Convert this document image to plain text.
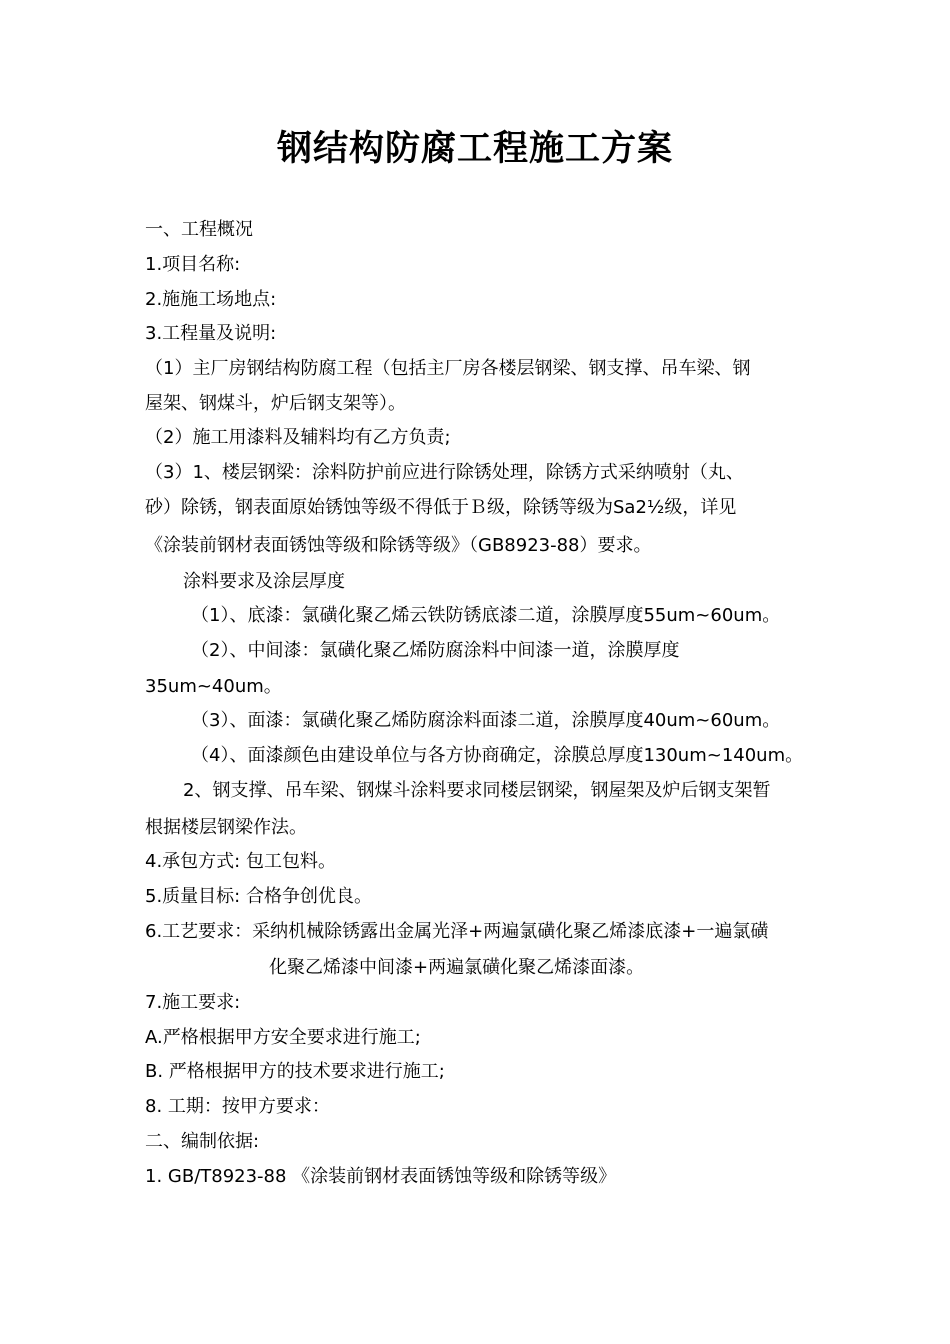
钢结构防腐工程施工方案
一、工程概况
1.项目名称:
2.施施工场地点:
3.工程量及说明:
（1）主厂房钢结构防腐工程（包括主厂房各楼层钢梁、钢支撑、吊车梁、钢
屋架、钢煤斗，炉后钢支架等）。
（2）施工用漆料及辅料均有乙方负责;
（3）1、楼层钢梁：涂料防护前应进行除锈处理，除锈方式采纳喷射（丸、
砂）除锈，钢表面原始锈蚀等级不得低于Ｂ级，除锈等级为Sa2½级，详见
《涂装前钢材表面锈蚀等级和除锈等级》（GB8923-88）要求。
涂料要求及涂层厚度
（1）、底漆：氯磺化聚乙烯云铁防锈底漆二道，涂膜厚度55um~60um。
（2）、中间漆：氯磺化聚乙烯防腐涂料中间漆一道，涂膜厚度
35um~40um。
（3）、面漆：氯磺化聚乙烯防腐涂料面漆二道，涂膜厚度40um~60um。
（4）、面漆颜色由建设单位与各方协商确定，涂膜总厚度130um~140um。
2、钢支撑、吊车梁、钢煤斗涂料要求同楼层钢梁，钢屋架及炉后钢支架暂
根据楼层钢梁作法。
4.承包方式: 包工包料。
5.质量目标: 合格争创优良。
6.工艺要求：采纳机械除锈露出金属光泽+两遍氯磺化聚乙烯漆底漆+一遍氯磺
化聚乙烯漆中间漆+两遍氯磺化聚乙烯漆面漆。
7.施工要求:
A.严格根据甲方安全要求进行施工;
B. 严格根据甲方的技术要求进行施工;
8. 工期：按甲方要求：
二、编制依据:
1. GB/T8923-88 《涂装前钢材表面锈蚀等级和除锈等级》
